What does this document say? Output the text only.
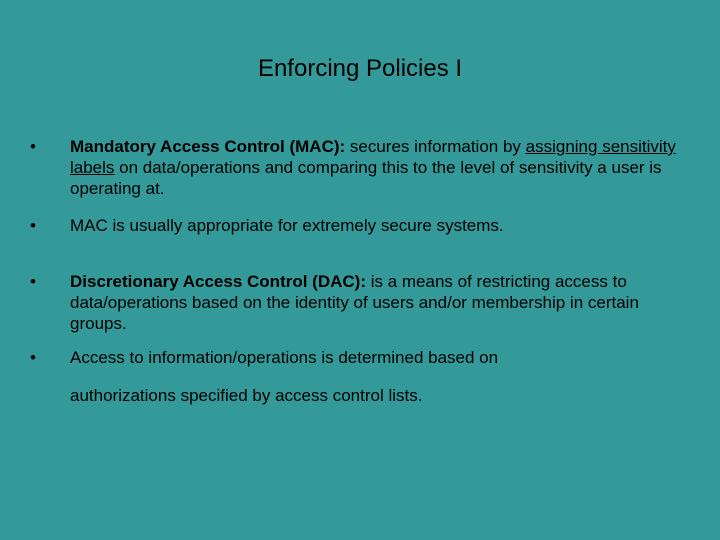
Enforcing Policies I
•	Mandatory Access Control (MAC): secures information by assigning sensitivity labels on data/operations and comparing this to the level of sensitivity a user is operating at.
•	MAC is usually appropriate for extremely secure systems.
•	Discretionary Access Control (DAC): is a means of restricting access to data/operations based on the identity of users and/or membership in certain groups.
•	Access to information/operations is determined based on
authorizations specified by access control lists.
